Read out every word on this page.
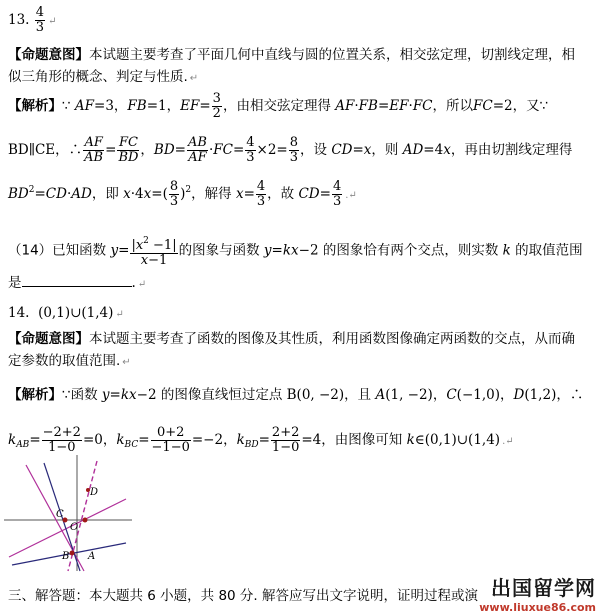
13. $\frac{4}{3}$ ↵
【命题意图】本试题主要考查了平面几何中直线与圆的位置关系，相交弦定理，切割线定理，相
似三角形的概念、判定与性质. ↵
【解析】∵ AF=3，FB=1，$EF= \frac{3}{2}$ ，由相交弦定理得 AF·FB=EF·FC，所以FC=2，又∵
BD∥CE，∴ $\frac{AF}{AB} = \frac{FC}{BD}$ ，$BD= \frac{AB}{AF} \cdot FC= \frac{4}{3} \times 2= \frac{8}{3}$ ，设 CD=x，则 AD=4x，再由切割线定理得
$BD^2=CD\cdot AD$，即 $x\cdot 4x=( \frac{8}{3} )^2$，解得 $x= \frac{4}{3}$ ，故 $CD= \frac{4}{3}$ .↵
（14）已知函数 $y= \frac{|x^2 -1|}{x-1}$ 的图象与函数 y=kx−2 的图象恰有两个交点，则实数 k 的取值范围
是	. ↵
14. (0,1)∪(1,4) ↵
【命题意图】本试题主要考查了函数的图像及其性质，利用函数图像确定两函数的交点，从而确
定参数的取值范围. ↵
【解析】∵函数 y=kx−2 的图像直线恒过定点 B(0, −2)，且 A(1, −2)，C(−1,0)，D(1,2)，∴
$k_{AB}= \frac{-2+2}{1-0} =0$，$k_{BC}= \frac{0+2}{-1-0} =-2$，$k_{BD}= \frac{2+2}{1-0} =4$，由图像可知 k∈(0,1)∪(1,4) .↵
D
C
O
B A
三、解答题：本大题共 6 小题，共 80 分. 解答应写出文字说明，证明过程或演 出国留学网
www.liuxue86.com
